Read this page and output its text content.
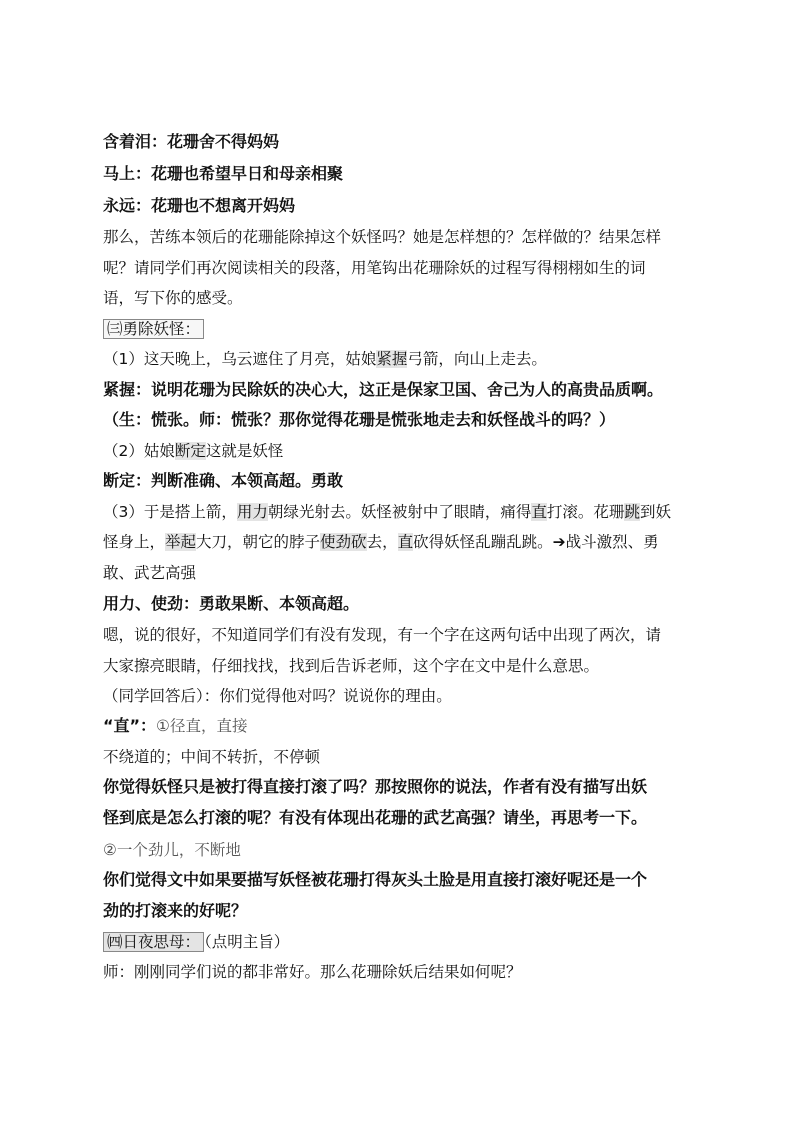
含着泪：花珊舍不得妈妈
马上：花珊也希望早日和母亲相聚
永远：花珊也不想离开妈妈
那么，苦练本领后的花珊能除掉这个妖怪吗？她是怎样想的？怎样做的？结果怎样
呢？请同学们再次阅读相关的段落，用笔钩出花珊除妖的过程写得栩栩如生的词
语，写下你的感受。
㈢勇除妖怪：
（1）这天晚上，乌云遮住了月亮，姑娘紧握弓箭，向山上走去。
紧握：说明花珊为民除妖的决心大，这正是保家卫国、舍己为人的高贵品质啊。
（生：慌张。师：慌张？那你觉得花珊是慌张地走去和妖怪战斗的吗？）
（2）姑娘断定这就是妖怪
断定：判断准确、本领高超。勇敢
（3）于是搭上箭，用力朝绿光射去。妖怪被射中了眼睛，痛得直打滚。花珊跳到妖
怪身上，举起大刀，朝它的脖子使劲砍去，直砍得妖怪乱蹦乱跳。➔战斗激烈、勇
敢、武艺高强
用力、使劲：勇敢果断、本领高超。
嗯，说的很好，不知道同学们有没有发现，有一个字在这两句话中出现了两次，请
大家擦亮眼睛，仔细找找，找到后告诉老师，这个字在文中是什么意思。
（同学回答后）：你们觉得他对吗？说说你的理由。
“直”：①径直，直接
不绕道的；中间不转折，不停顿
你觉得妖怪只是被打得直接打滚了吗？那按照你的说法，作者有没有描写出妖
怪到底是怎么打滚的呢？有没有体现出花珊的武艺高强？请坐，再思考一下。
②一个劲儿，不断地
你们觉得文中如果要描写妖怪被花珊打得灰头土脸是用直接打滚好呢还是一个
劲的打滚来的好呢？
㈣日夜思母： （点明主旨）
师：刚刚同学们说的都非常好。那么花珊除妖后结果如何呢？
